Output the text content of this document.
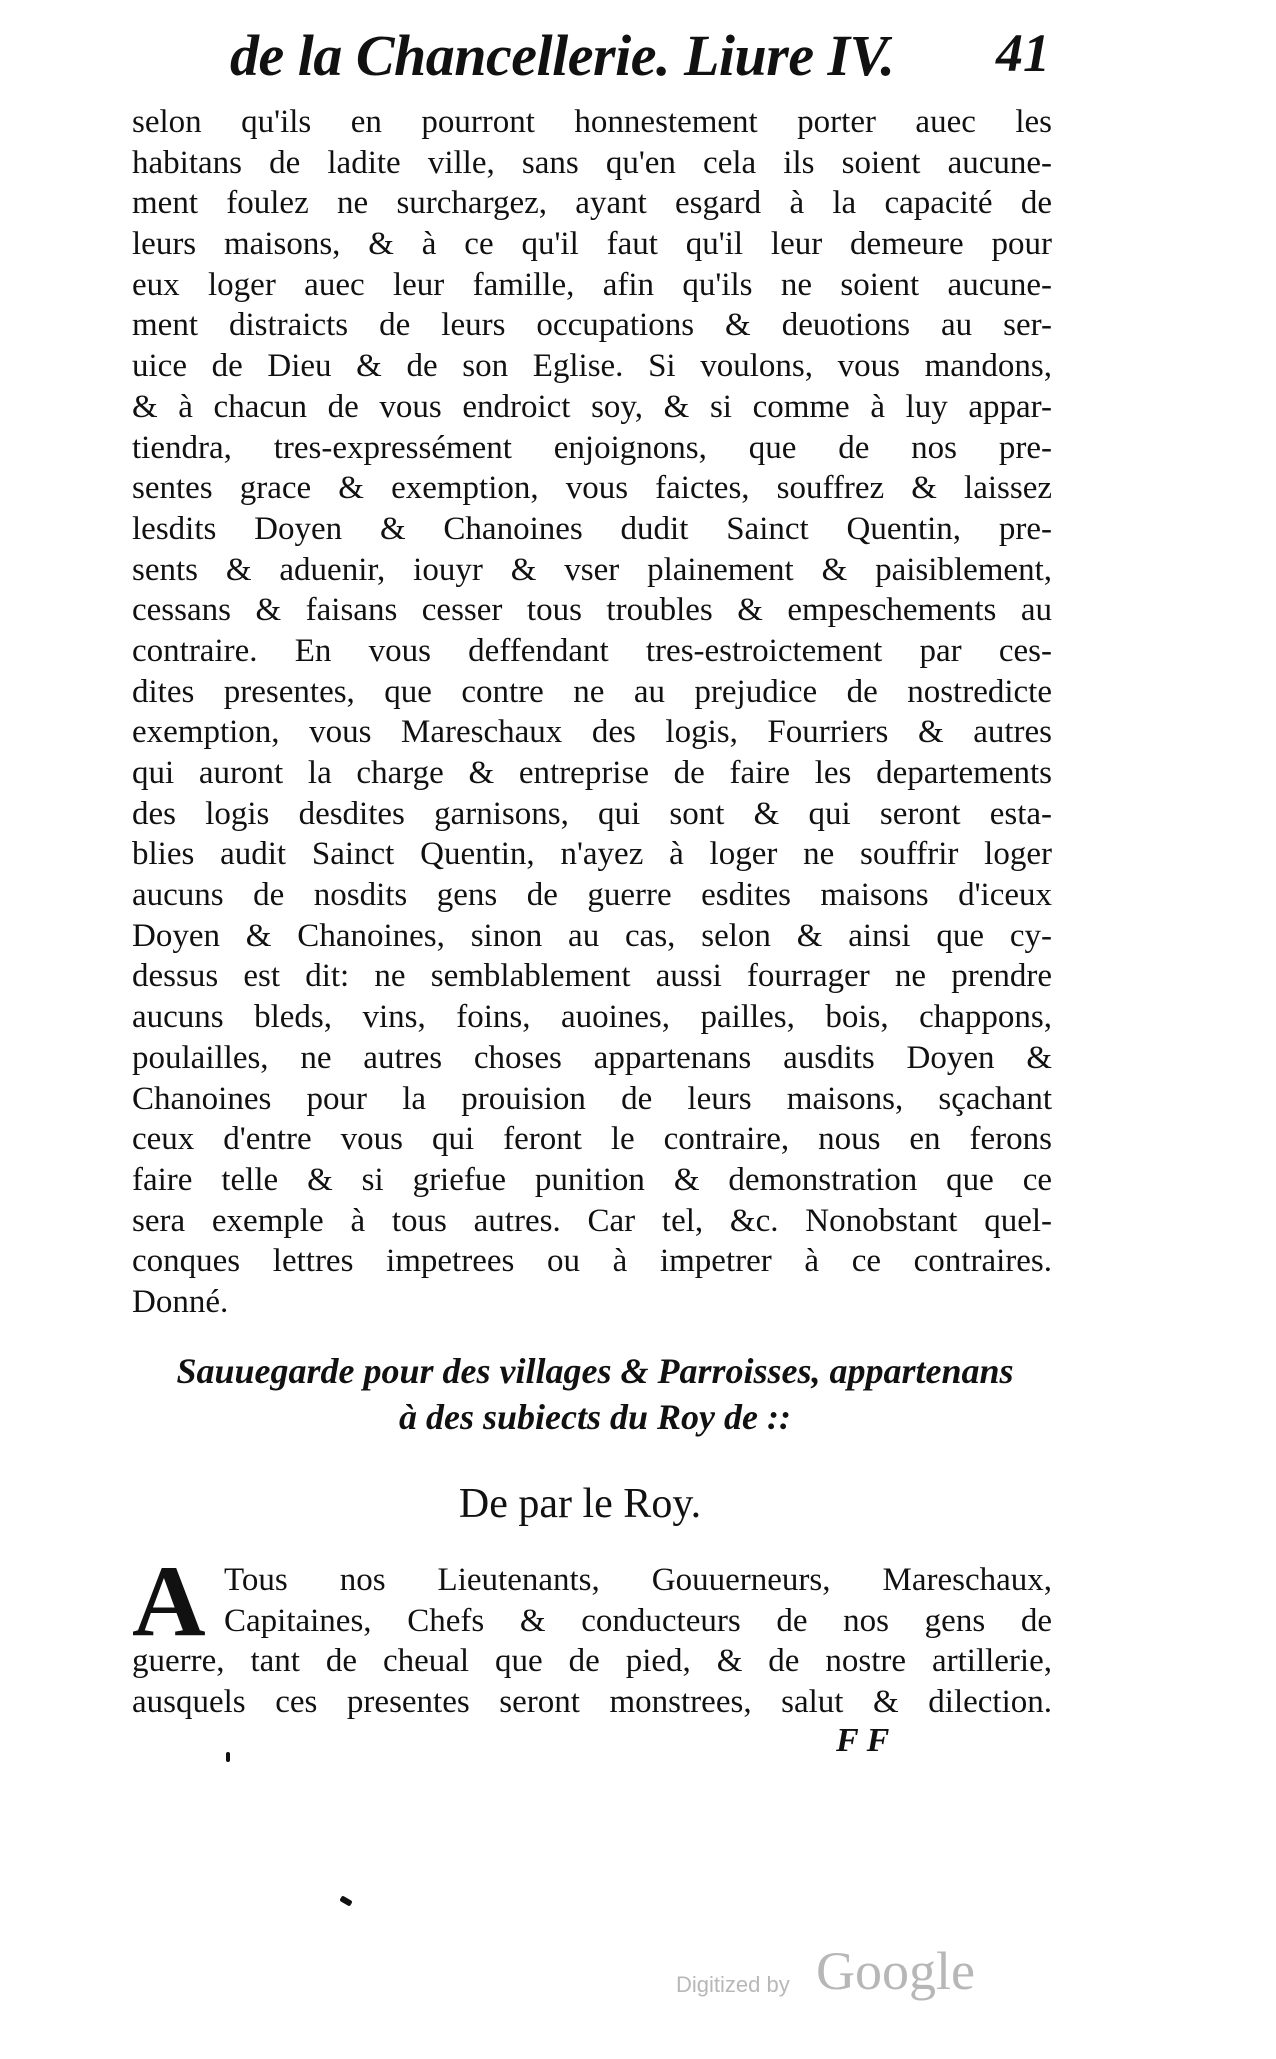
de la Chancellerie. Liure IV. 41
selon qu'ils en pourront honnestement porter auec les
habitans de ladite ville, sans qu'en cela ils soient aucune-
ment foulez ne surchargez, ayant esgard à la capacité de
leurs maisons, & à ce qu'il faut qu'il leur demeure pour
eux loger auec leur famille, afin qu'ils ne soient aucune-
ment distraicts de leurs occupations & deuotions au ser-
uice de Dieu & de son Eglise. Si voulons, vous mandons,
& à chacun de vous endroict soy, & si comme à luy appar-
tiendra, tres-expressément enjoignons, que de nos pre-
sentes grace & exemption, vous faictes, souffrez & laissez
lesdits Doyen & Chanoines dudit Sainct Quentin, pre-
sents & aduenir, iouyr & vser plainement & paisiblement,
cessans & faisans cesser tous troubles & empeschements au
contraire. En vous deffendant tres-estroictement par ces-
dites presentes, que contre ne au prejudice de nostredicte
exemption, vous Mareschaux des logis, Fourriers & autres
qui auront la charge & entreprise de faire les departements
des logis desdites garnisons, qui sont & qui seront esta-
blies audit Sainct Quentin, n'ayez à loger ne souffrir loger
aucuns de nosdits gens de guerre esdites maisons d'iceux
Doyen & Chanoines, sinon au cas, selon & ainsi que cy-
dessus est dit: ne semblablement aussi fourrager ne prendre
aucuns bleds, vins, foins, auoines, pailles, bois, chappons,
poulailles, ne autres choses appartenans ausdits Doyen &
Chanoines pour la prouision de leurs maisons, sçachant
ceux d'entre vous qui feront le contraire, nous en ferons
faire telle & si griefue punition & demonstration que ce
sera exemple à tous autres. Car tel, &c. Nonobstant quel-
conques lettres impetrees ou à impetrer à ce contraires.
Donné.
Sauuegarde pour des villages & Parroisses, appartenans
à des subiects du Roy de ::
De par le Roy.
A Tous nos Lieutenants, Gouuerneurs, Mareschaux,
Capitaines, Chefs & conducteurs de nos gens de
guerre, tant de cheual que de pied, & de nostre artillerie,
ausquels ces presentes seront monstrees, salut & dilection.
F F
Digitized by Google
